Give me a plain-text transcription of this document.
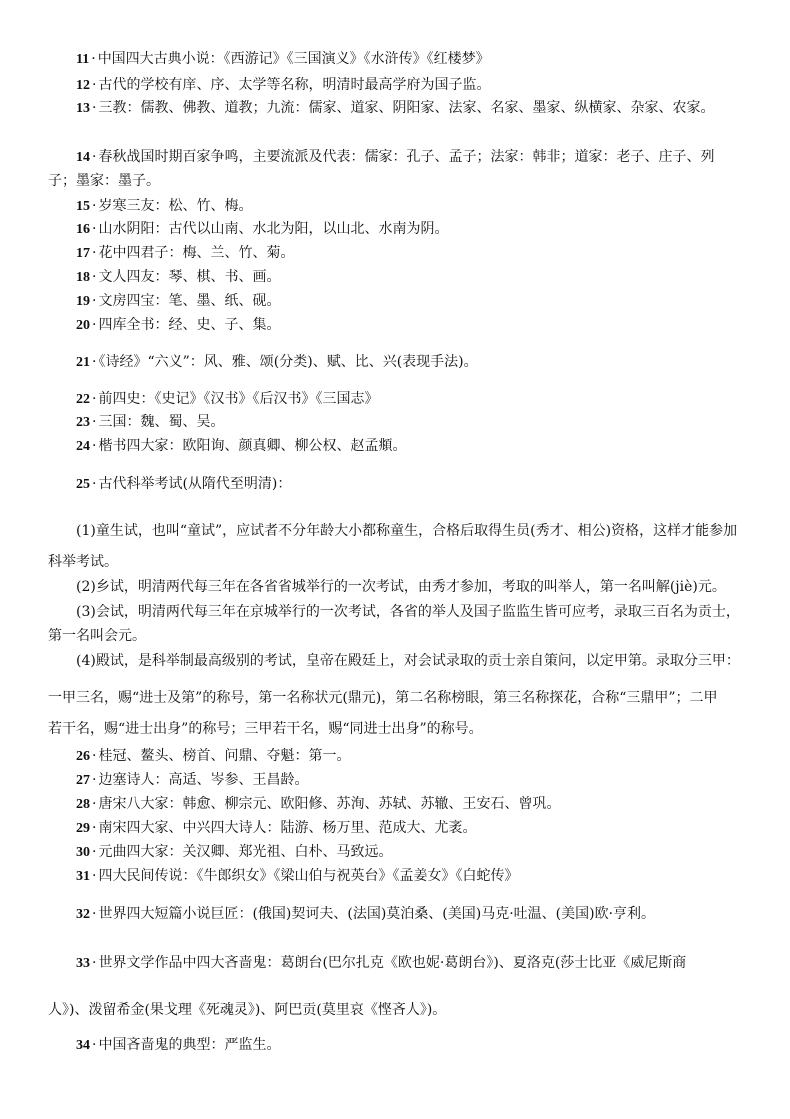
11 · 中国四大古典小说：《西游记》《三国演义》《水浒传》《红楼梦》
12 · 古代的学校有庠、序、太学等名称，明清时最高学府为国子监。
13 · 三教：儒教、佛教、道教；九流：儒家、道家、阴阳家、法家、名家、墨家、纵横家、杂家、农家。
14 · 春秋战国时期百家争鸣，主要流派及代表：儒家：孔子、孟子；法家：韩非；道家：老子、庄子、列
子；墨家：墨子。
15 · 岁寒三友：松、竹、梅。
16 · 山水阴阳：古代以山南、水北为阳，以山北、水南为阴。
17 · 花中四君子：梅、兰、竹、菊。
18 · 文人四友：琴、棋、书、画。
19 · 文房四宝：笔、墨、纸、砚。
20 · 四库全书：经、史、子、集。
21 · 《诗经》“六义”：风、雅、颂(分类)、赋、比、兴(表现手法)。
22 · 前四史：《史记》《汉书》《后汉书》《三国志》
23 · 三国：魏、蜀、吴。
24 · 楷书四大家：欧阳询、颜真卿、柳公权、赵孟頫。
25 · 古代科举考试(从隋代至明清)：
(1)童生试，也叫“童试”，应试者不分年龄大小都称童生，合格后取得生员(秀才、相公)资格，这样才能参加
科举考试。
(2)乡试，明清两代每三年在各省省城举行的一次考试，由秀才参加，考取的叫举人，第一名叫解(jiè)元。
(3)会试，明清两代每三年在京城举行的一次考试，各省的举人及国子监监生皆可应考，录取三百名为贡士，
第一名叫会元。
(4)殿试，是科举制最高级别的考试，皇帝在殿廷上，对会试录取的贡士亲自策问，以定甲第。录取分三甲：
一甲三名，赐“进士及第”的称号，第一名称状元(鼎元)，第二名称榜眼，第三名称探花，合称“三鼎甲”；二甲
若干名，赐“进士出身”的称号；三甲若干名，赐“同进士出身”的称号。
26 · 桂冠、鳌头、榜首、问鼎、夺魁：第一。
27 · 边塞诗人：高适、岑参、王昌龄。
28 · 唐宋八大家：韩愈、柳宗元、欧阳修、苏洵、苏轼、苏辙、王安石、曾巩。
29 · 南宋四大家、中兴四大诗人：陆游、杨万里、范成大、尤袤。
30 · 元曲四大家：关汉卿、郑光祖、白朴、马致远。
31 · 四大民间传说：《牛郎织女》《梁山伯与祝英台》《孟姜女》《白蛇传》
32 · 世界四大短篇小说巨匠：(俄国)契诃夫、(法国)莫泊桑、(美国)马克·吐温、(美国)欧·亨利。
33 · 世界文学作品中四大吝啬鬼：葛朗台(巴尔扎克《欧也妮·葛朗台》)、夏洛克(莎士比亚《威尼斯商
人》)、泼留希金(果戈理《死魂灵》)、阿巴贡(莫里哀《悭吝人》)。
34 · 中国吝啬鬼的典型：严监生。
